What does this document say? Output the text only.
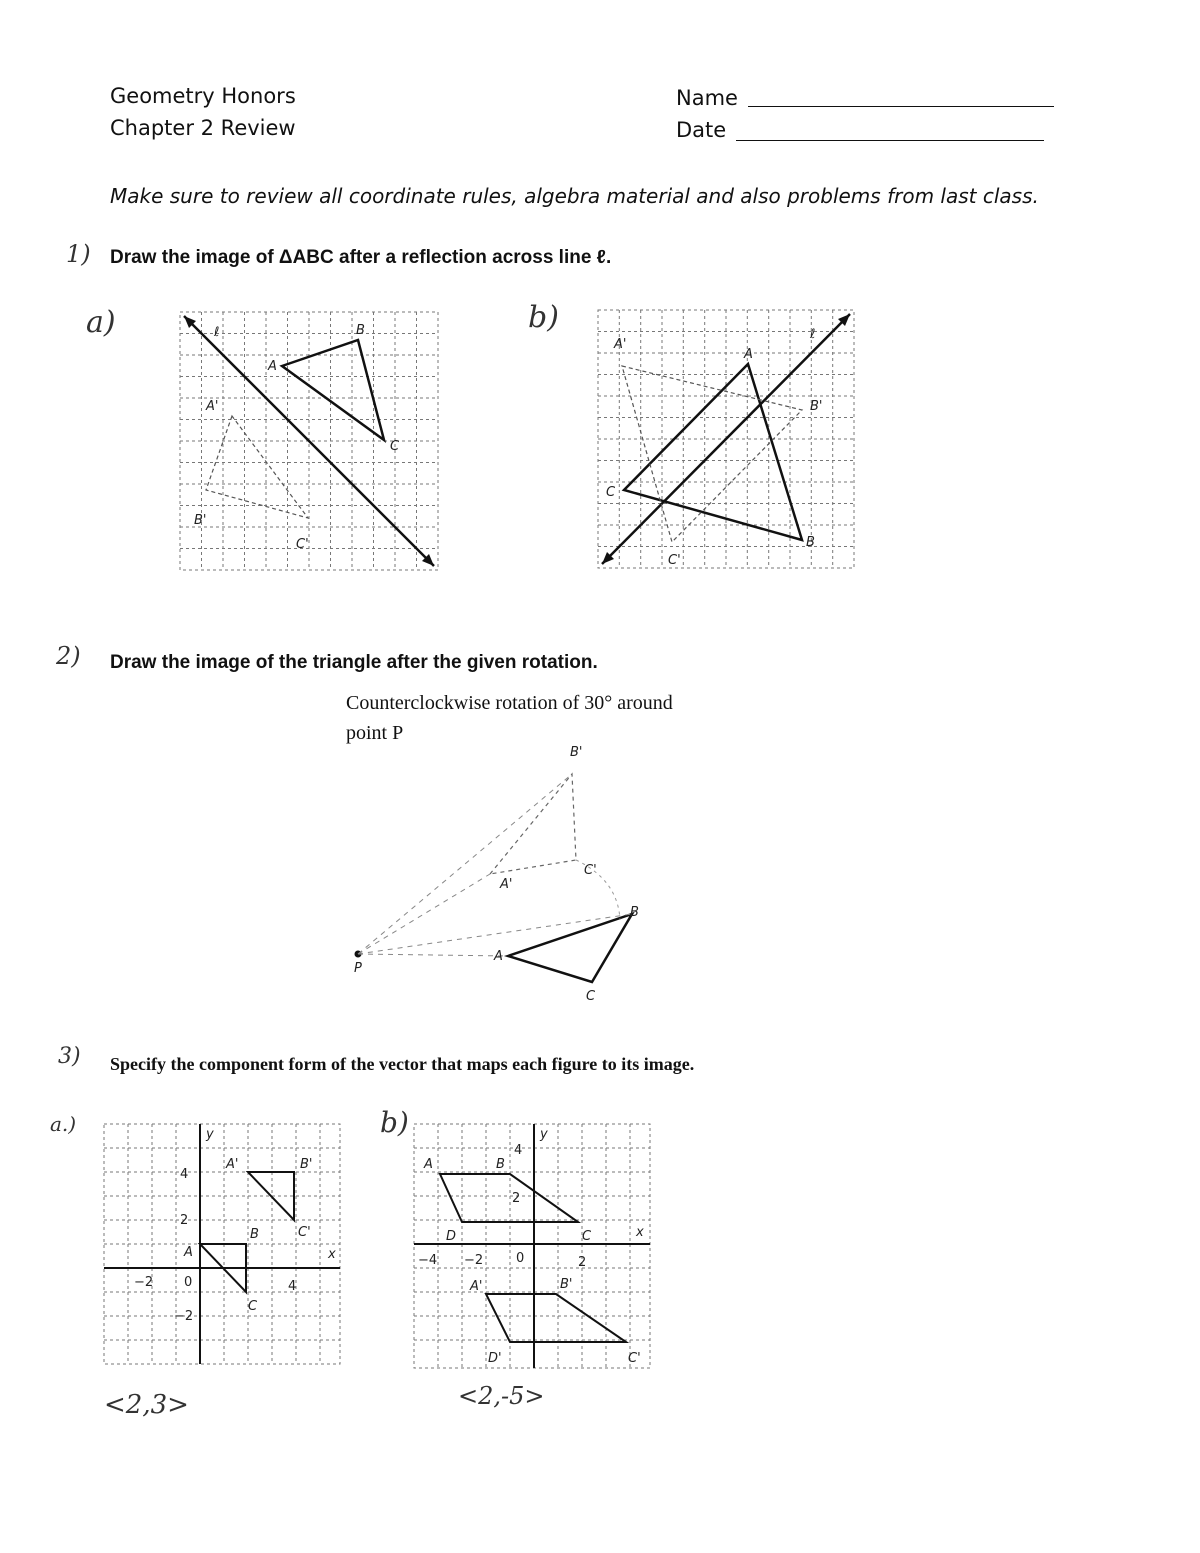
Geometry Honors
Chapter 2 Review
Name
Date
Make sure to review all coordinate rules, algebra material and also problems from last class.
1) Draw the image of ΔABC after a reflection across line ℓ.
a)	b)
ℓ
A
B
C
A'
B'
C'
ℓ
A
B
C
A'
B'
C'
2) Draw the image of the triangle after the given rotation.
Counterclockwise rotation of 30° around
point P
P
A
B
C
A'
B'
C'
3) Specify the component form of the vector that maps each figure to its image.
a.)	b)
y
x
−2 0	4
4
2
−2
A
B
C
A'	B'
C'
y
x
−4 −2	0	2
4
2
A	B
C
D
A'	B'
C'
D'
<2,3>	<2,-5>
